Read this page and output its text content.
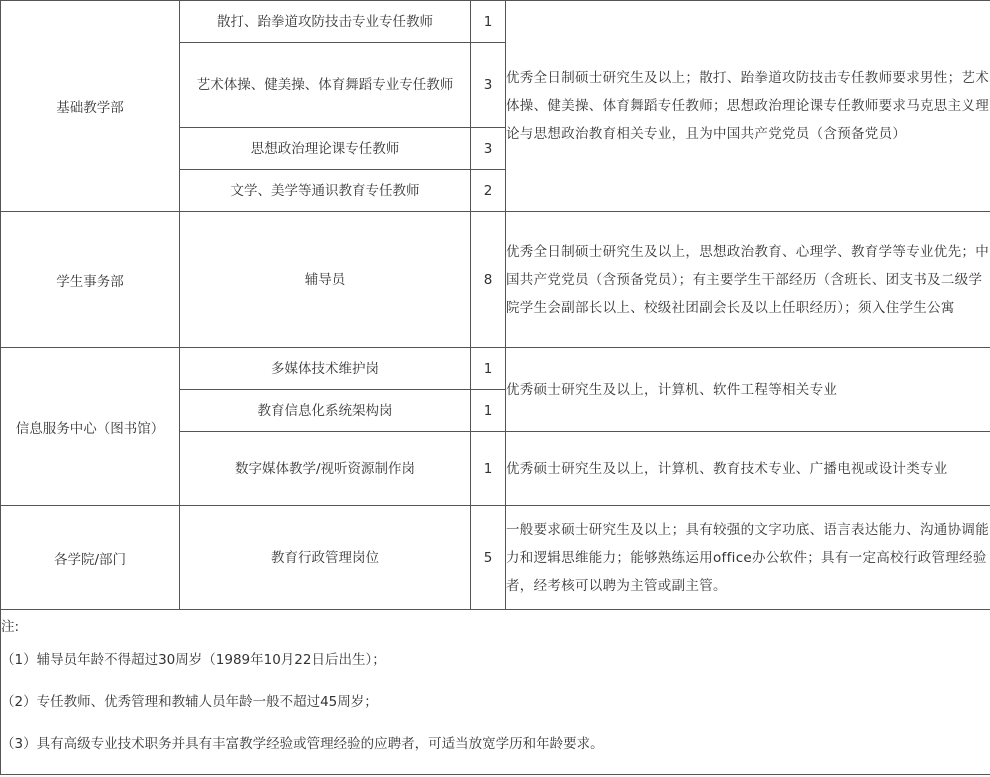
基础教学部	散打、跆拳道攻防技击专业专任教师	1	优秀全日制硕士研究生及以上；散打、跆拳道攻防技击专任教师要求男性；艺术体操、健美操、体育舞蹈专任教师；思想政治理论课专任教师要求马克思主义理论与思想政治教育相关专业，且为中国共产党党员（含预备党员）
	艺术体操、健美操、体育舞蹈专业专任教师	3	
	思想政治理论课专任教师	3	
	文学、美学等通识教育专任教师	2	
学生事务部	辅导员	8	优秀全日制硕士研究生及以上，思想政治教育、心理学、教育学等专业优先；中国共产党党员（含预备党员）；有主要学生干部经历（含班长、团支书及二级学院学生会副部长以上、校级社团副会长及以上任职经历）；须入住学生公寓
信息服务中心（图书馆）	多媒体技术维护岗	1	优秀硕士研究生及以上，计算机、软件工程等相关专业
	教育信息化系统架构岗	1	
	数字媒体教学/视听资源制作岗	1	优秀硕士研究生及以上，计算机、教育技术专业、广播电视或设计类专业
各学院/部门	教育行政管理岗位	5	一般要求硕士研究生及以上；具有较强的文字功底、语言表达能力、沟通协调能力和逻辑思维能力；能够熟练运用office办公软件；具有一定高校行政管理经验者，经考核可以聘为主管或副主管。

注:
（1）辅导员年龄不得超过30周岁（1989年10月22日后出生）；
（2）专任教师、优秀管理和教辅人员年龄一般不超过45周岁；
（3）具有高级专业技术职务并具有丰富教学经验或管理经验的应聘者，可适当放宽学历和年龄要求。			
